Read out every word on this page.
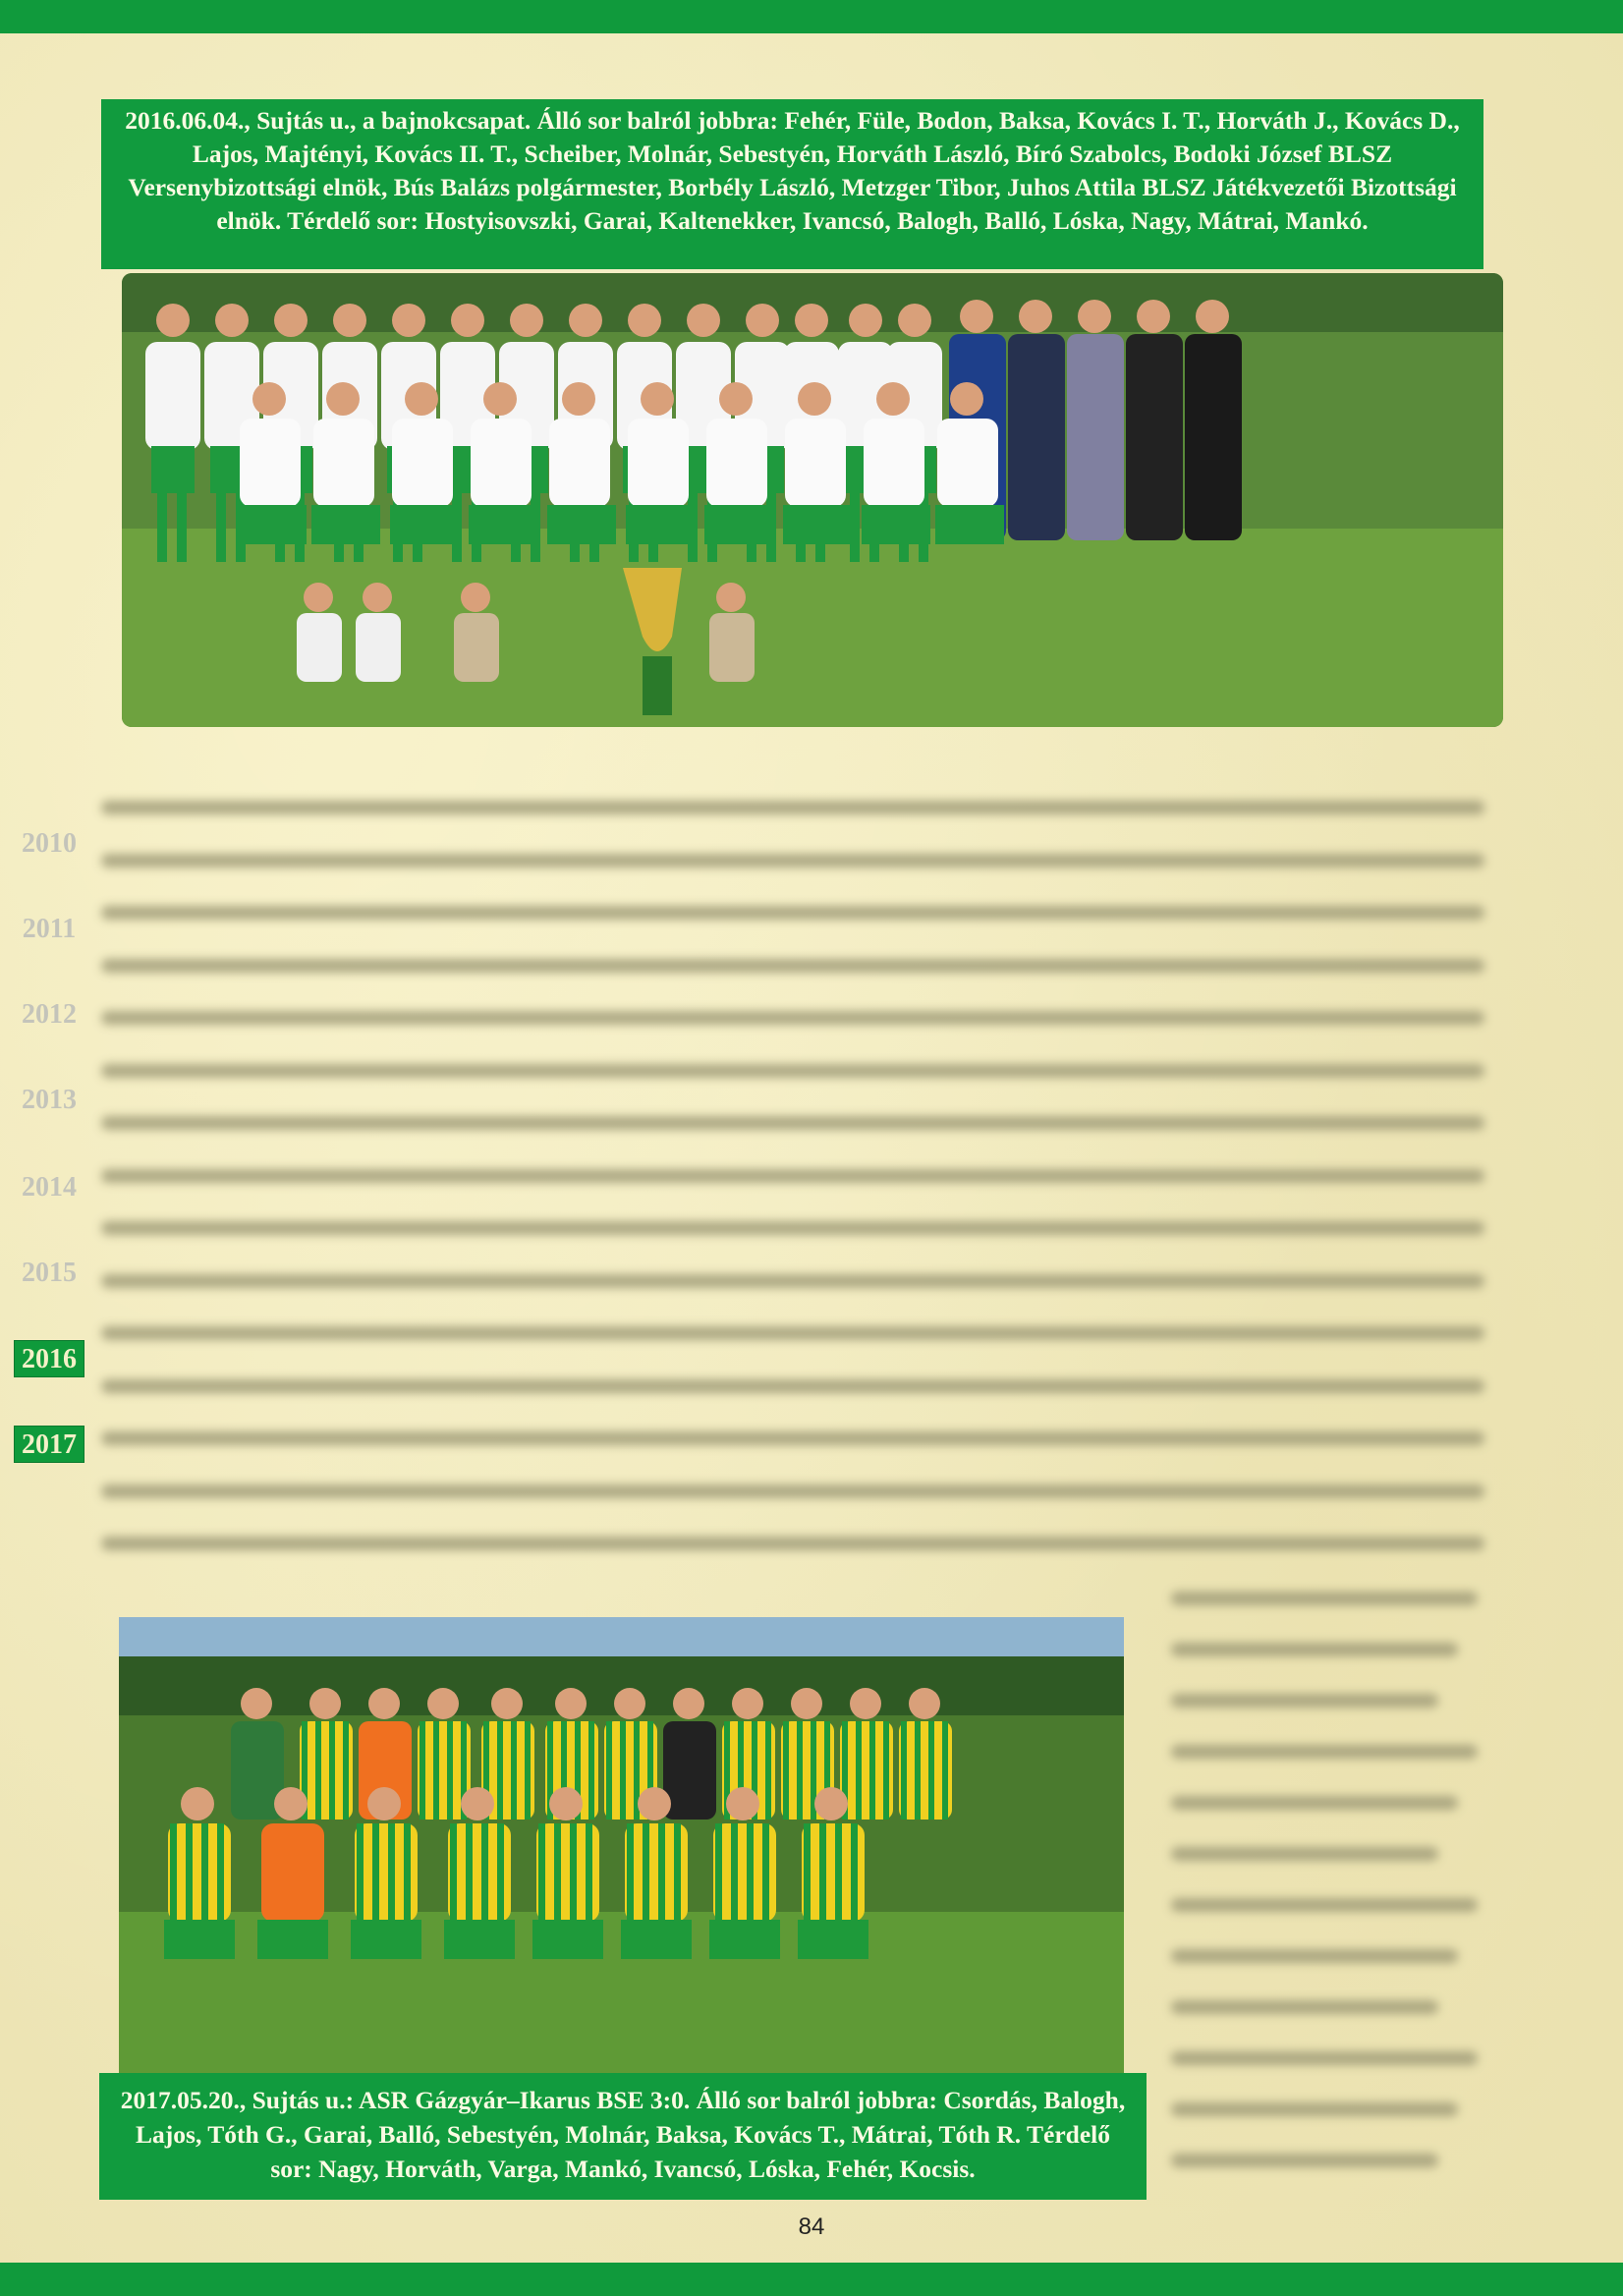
2016.06.04., Sujtás u., a bajnokcsapat. Álló sor balról jobbra: Fehér, Füle, Bodon, Baksa, Kovács I. T., Horváth J., Kovács D., Lajos, Majtényi, Kovács II. T., Scheiber, Molnár, Sebestyén, Horváth László, Bíró Szabolcs, Bodoki József BLSZ Versenybizottsági elnök, Bús Balázs polgármester, Borbély László, Metzger Tibor, Juhos Attila BLSZ Játékvezetői Bizottsági elnök. Térdelő sor: Hostyisovszki, Garai, Kaltenekker, Ivancsó, Balogh, Balló, Lóska, Nagy, Mátrai, Mankó.
2010
2011
2012
2013
2014
2015
2016
2017
2017.05.20., Sujtás u.: ASR Gázgyár–Ikarus BSE 3:0. Álló sor balról jobbra: Csordás, Balogh, Lajos, Tóth G., Garai, Balló, Sebestyén, Molnár, Baksa, Kovács T., Mátrai, Tóth R. Térdelő sor: Nagy, Horváth, Varga, Mankó, Ivancsó, Lóska, Fehér, Kocsis.
84
